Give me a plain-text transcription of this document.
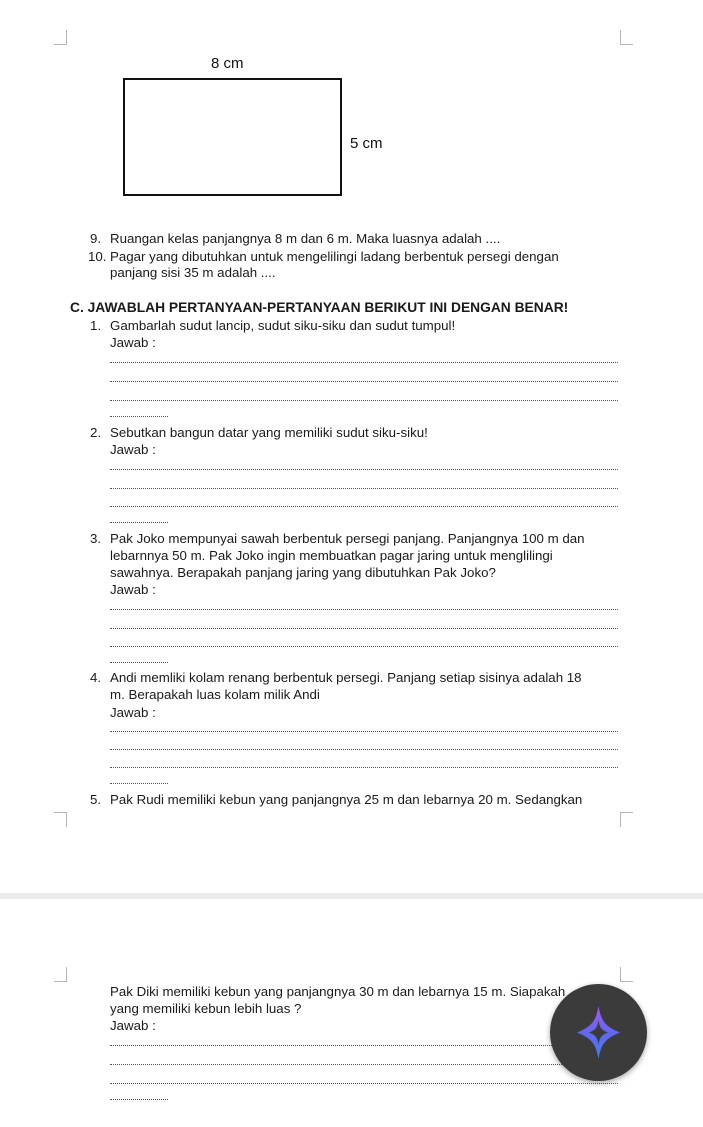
8 cm
5 cm
9. Ruangan kelas panjangnya 8 m dan 6 m. Maka luasnya adalah ....
10. Pagar yang dibutuhkan untuk mengelilingi ladang berbentuk persegi dengan
panjang sisi 35 m adalah ....
C. JAWABLAH PERTANYAAN-PERTANYAAN BERIKUT INI DENGAN BENAR!
1. Gambarlah sudut lancip, sudut siku-siku dan sudut tumpul!
Jawab :
2. Sebutkan bangun datar yang memiliki sudut siku-siku!
Jawab :
3. Pak Joko mempunyai sawah berbentuk persegi panjang. Panjangnya 100 m dan
lebarnnya 50 m. Pak Joko ingin membuatkan pagar jaring untuk menglilingi
sawahnya. Berapakah panjang jaring yang dibutuhkan Pak Joko?
Jawab :
4. Andi memliki kolam renang berbentuk persegi. Panjang setiap sisinya adalah 18
m. Berapakah luas kolam milik Andi
Jawab :
5. Pak Rudi memiliki kebun yang panjangnya 25 m dan lebarnya 20 m. Sedangkan
Pak Diki memiliki kebun yang panjangnya 30 m dan lebarnya 15 m. Siapakah
yang memiliki kebun lebih luas ?
Jawab :
